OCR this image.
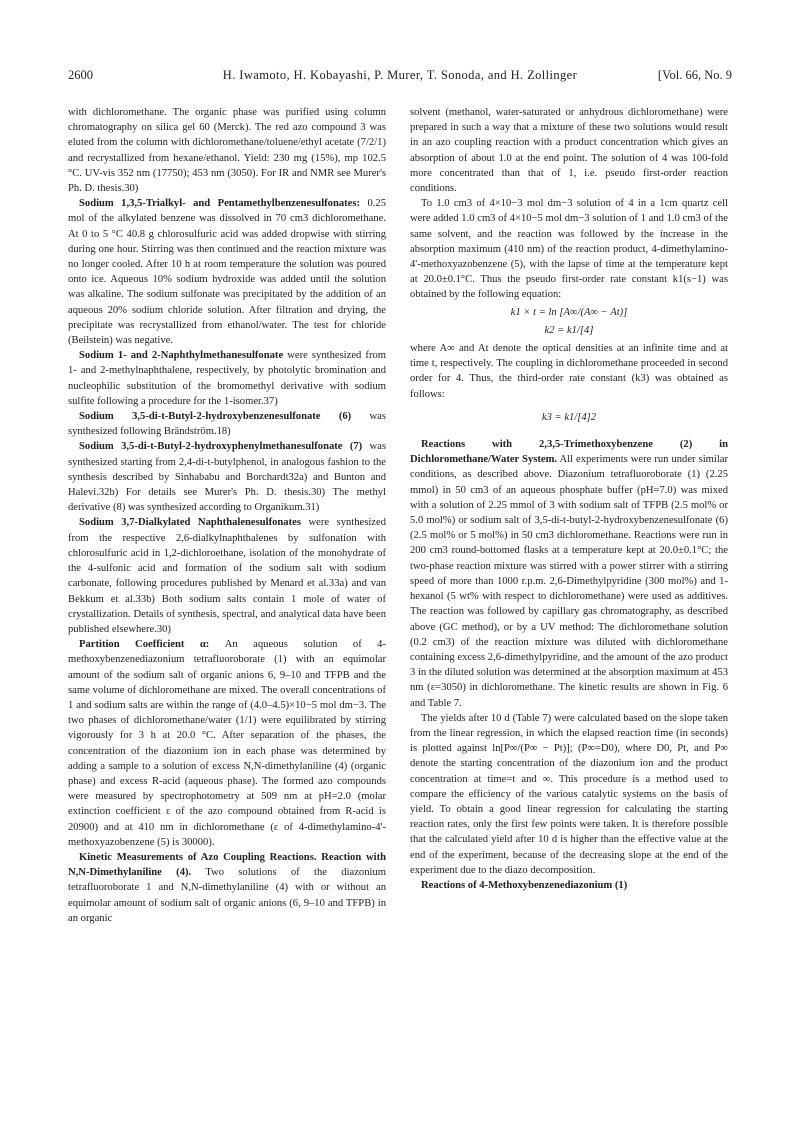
2600	H. Iwamoto, H. Kobayashi, P. Murer, T. Sonoda, and H. Zollinger	[Vol. 66, No. 9

with dichloromethane. The organic phase was purified using column chromatography on silica gel 60 (Merck). The red azo compound 3 was eluted from the column with dichloromethane/toluene/ethyl acetate (7/2/1) and recrystallized from hexane/ethanol. Yield: 230 mg (15%), mp 102.5 °C. UV-vis 352 nm (17750); 453 nm (3050). For IR and NMR see Murer's Ph. D. thesis.30)

Sodium 1,3,5-Trialkyl- and Pentamethylbenzenesulfonates: 0.25 mol of the alkylated benzene was dissolved in 70 cm3 dichloromethane. At 0 to 5 °C 40.8 g chlorosulfuric acid was added dropwise with stirring during one hour. Stirring was then continued and the reaction mixture was no longer cooled. After 10 h at room temperature the solution was poured onto ice. Aqueous 10% sodium hydroxide was added until the solution was alkaline. The sodium sulfonate was precipitated by the addition of an aqueous 20% sodium chloride solution. After filtration and drying, the precipitate was recrystallized from ethanol/water. The test for chloride (Beilstein) was negative.

Sodium 1- and 2-Naphthylmethanesulfonate were synthesized from 1- and 2-methylnaphthalene, respectively, by photolytic bromination and nucleophilic substitution of the bromomethyl derivative with sodium sulfite following a procedure for the 1-isomer.37)

Sodium 3,5-di-t-Butyl-2-hydroxybenzenesulfonate (6) was synthesized following Brändström.18)

Sodium 3,5-di-t-Butyl-2-hydroxyphenylmethanesulfonate (7) was synthesized starting from 2,4-di-t-butylphenol, in analogous fashion to the synthesis described by Sinhababu and Borchardt32a) and Bunton and Halevi.32b) For details see Murer's Ph. D. thesis.30) The methyl derivative (8) was synthesized according to Organikum.31)

Sodium 3,7-Dialkylated Naphthalenesulfonates were synthesized from the respective 2,6-dialkylnaphthalenes by sulfonation with chlorosulfuric acid in 1,2-dichloroethane, isolation of the monohydrate of the 4-sulfonic acid and formation of the sodium salt with sodium carbonate, following procedures published by Menard et al.33a) and van Bekkum et al.33b) Both sodium salts contain 1 mole of water of crystallization. Details of synthesis, spectral, and analytical data have been published elsewhere.30)

Partition Coefficient α: An aqueous solution of 4-methoxybenzenediazonium tetrafluoroborate (1) with an equimolar amount of the sodium salt of organic anions 6, 9–10 and TFPB and the same volume of dichloromethane are mixed. The overall concentrations of 1 and sodium salts are within the range of (4.0–4.5)×10−5 mol dm−3. The two phases of dichloromethane/water (1/1) were equilibrated by stirring vigorously for 3 h at 20.0 °C. After separation of the phases, the concentration of the diazonium ion in each phase was determined by adding a sample to a solution of excess N,N-dimethylaniline (4) (organic phase) and excess R-acid (aqueous phase). The formed azo compounds were measured by spectrophotometry at 509 nm at pH=2.0 (molar extinction coefficient ε of the azo compound obtained from R-acid is 20900) and at 410 nm in dichloromethane (ε of 4-dimethylamino-4'-methoxyazobenzene (5) is 30000).

Kinetic Measurements of Azo Coupling Reactions. Reaction with N,N-Dimethylaniline (4). Two solutions of the diazonium tetrafluoroborate 1 and N,N-dimethylaniline (4) with or without an equimolar amount of sodium salt of organic anions (6, 9–10 and TFPB) in an organic

solvent (methanol, water-saturated or anhydrous dichloromethane) were prepared in such a way that a mixture of these two solutions would result in an azo coupling reaction with a product concentration which gives an absorption of about 1.0 at the end point. The solution of 4 was 100-fold more concentrated than that of 1, i.e. pseudo first-order reaction conditions.

To 1.0 cm3 of 4×10−3 mol dm−3 solution of 4 in a 1cm quartz cell were added 1.0 cm3 of 4×10−5 mol dm−3 solution of 1 and 1.0 cm3 of the same solvent, and the reaction was followed by the increase in the absorption maximum (410 nm) of the reaction product, 4-dimethylamino-4'-methoxyazobenzene (5), with the lapse of time at the temperature kept at 20.0±0.1°C. Thus the pseudo first-order rate constant k1(s−1) was obtained by the following equation:

k1 × t = ln [A∞/(A∞ − At)]
k2 = k1/[4]

where A∞ and At denote the optical densities at an infinite time and at time t, respectively. The coupling in dichloromethane proceeded in second order for 4. Thus, the third-order rate constant (k3) was obtained as follows:

k3 = k1/[4]2

Reactions with 2,3,5-Trimethoxybenzene (2) in Dichloromethane/Water System. All experiments were run under similar conditions, as described above. Diazonium tetrafluoroborate (1) (2.25 mmol) in 50 cm3 of an aqueous phosphate buffer (pH=7.0) was mixed with a solution of 2.25 mmol of 3 with sodium salt of TFPB (2.5 mol% or 5.0 mol%) or sodium salt of 3,5-di-t-butyl-2-hydroxybenzenesulfonate (6) (2.5 mol% or 5 mol%) in 50 cm3 dichloromethane. Reactions were run in 200 cm3 round-bottomed flasks at a temperature kept at 20.0±0.1°C; the two-phase reaction mixture was stirred with a power stirrer with a stirring speed of more than 1000 r.p.m. 2,6-Dimethylpyridine (300 mol%) and 1-hexanol (5 wt% with respect to dichloromethane) were used as additives. The reaction was followed by capillary gas chromatography, as described above (GC method), or by a UV method: The dichloromethane solution (0.2 cm3) of the reaction mixture was diluted with dichloromethane containing excess 2,6-dimethylpyridine, and the amount of the azo product 3 in the diluted solution was determined at the absorption maximum at 453 nm (ε=3050) in dichloromethane. The kinetic results are shown in Fig. 6 and Table 7.

The yields after 10 d (Table 7) were calculated based on the slope taken from the linear regression, in which the elapsed reaction time (in seconds) is plotted against ln[P∞/(P∞ − Pt)]; (P∞=D0), where D0, Pt, and P∞ denote the starting concentration of the diazonium ion and the product concentration at time=t and ∞. This procedure is a method used to compare the efficiency of the various catalytic systems on the basis of yield. To obtain a good linear regression for calculating the starting reaction rates, only the first few points were taken. It is therefore possible that the calculated yield after 10 d is higher than the effective value at the end of the experiment, because of the decreasing slope at the end of the experiment due to the diazo decomposition.

Reactions of 4-Methoxybenzenediazonium (1)
